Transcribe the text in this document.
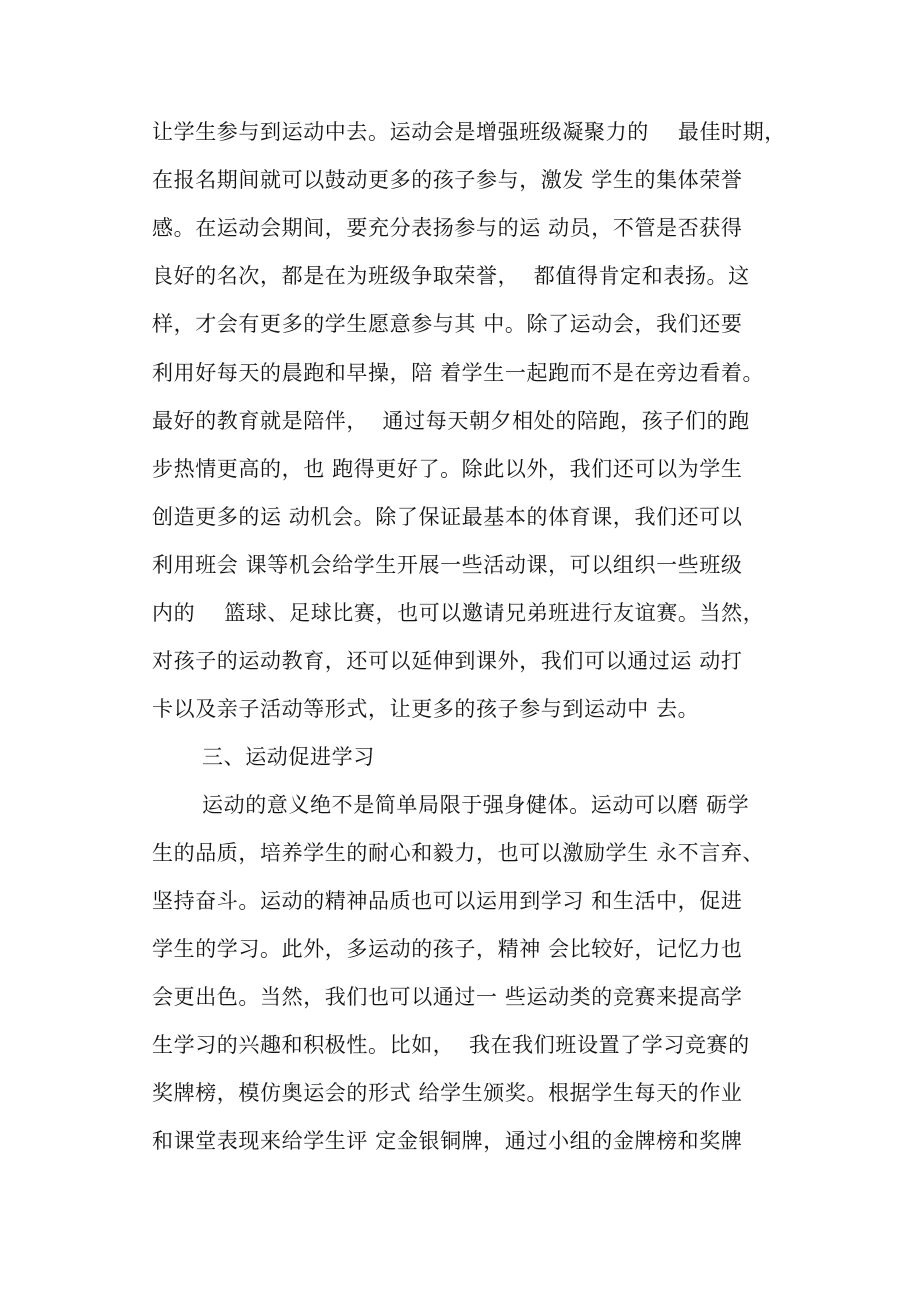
让学生参与到运动中去。运动会是增强班级凝聚力的    最佳时期，
在报名期间就可以鼓动更多的孩子参与，激发 学生的集体荣誉
感。在运动会期间，要充分表扬参与的运 动员，不管是否获得
良好的名次，都是在为班级争取荣誉，  都值得肯定和表扬。这
样，才会有更多的学生愿意参与其 中。除了运动会，我们还要
利用好每天的晨跑和早操，陪 着学生一起跑而不是在旁边看着。
最好的教育就是陪伴，  通过每天朝夕相处的陪跑，孩子们的跑
步热情更高的，也 跑得更好了。除此以外，我们还可以为学生
创造更多的运 动机会。除了保证最基本的体育课，我们还可以
利用班会 课等机会给学生开展一些活动课，可以组织一些班级
内的    篮球、足球比赛，也可以邀请兄弟班进行友谊赛。当然，
对孩子的运动教育，还可以延伸到课外，我们可以通过运 动打
卡以及亲子活动等形式，让更多的孩子参与到运动中 去。
三、运动促进学习
运动的意义绝不是简单局限于强身健体。运动可以磨 砺学
生的品质，培养学生的耐心和毅力，也可以激励学生 永不言弃、
坚持奋斗。运动的精神品质也可以运用到学习 和生活中，促进
学生的学习。此外，多运动的孩子，精神 会比较好，记忆力也
会更出色。当然，我们也可以通过一 些运动类的竞赛来提高学
生学习的兴趣和积极性。比如，  我在我们班设置了学习竞赛的
奖牌榜，模仿奥运会的形式 给学生颁奖。根据学生每天的作业
和课堂表现来给学生评 定金银铜牌，通过小组的金牌榜和奖牌
